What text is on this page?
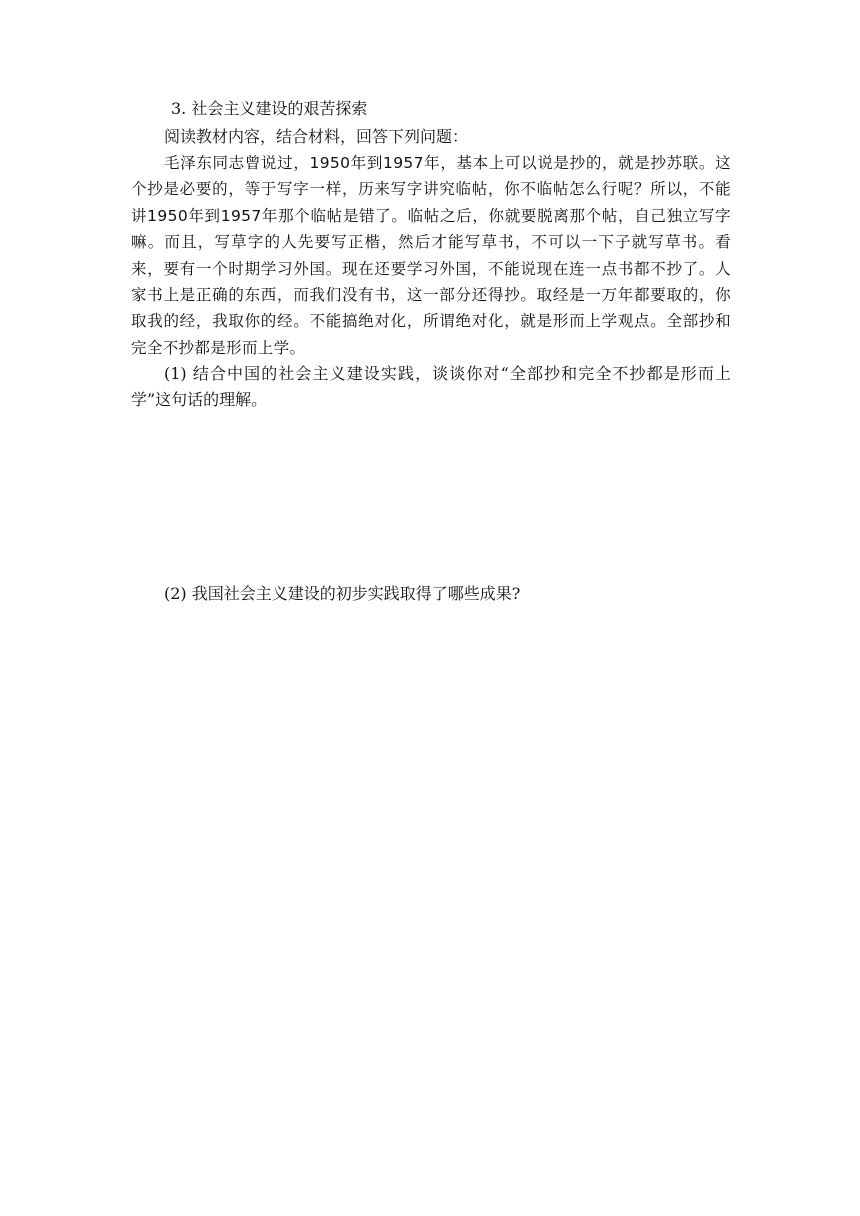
3. 社会主义建设的艰苦探索
阅读教材内容，结合材料，回答下列问题：
毛泽东同志曾说过，1950年到1957年，基本上可以说是抄的，就是抄苏联。这个抄是必要的，等于写字一样，历来写字讲究临帖，你不临帖怎么行呢？所以，不能讲1950年到1957年那个临帖是错了。临帖之后，你就要脱离那个帖，自己独立写字嘛。而且，写草字的人先要写正楷，然后才能写草书，不可以一下子就写草书。看来，要有一个时期学习外国。现在还要学习外国，不能说现在连一点书都不抄了。人家书上是正确的东西，而我们没有书，这一部分还得抄。取经是一万年都要取的，你取我的经，我取你的经。不能搞绝对化，所谓绝对化，就是形而上学观点。全部抄和完全不抄都是形而上学。
(1) 结合中国的社会主义建设实践，谈谈你对“全部抄和完全不抄都是形而上学”这句话的理解。
(2) 我国社会主义建设的初步实践取得了哪些成果?
